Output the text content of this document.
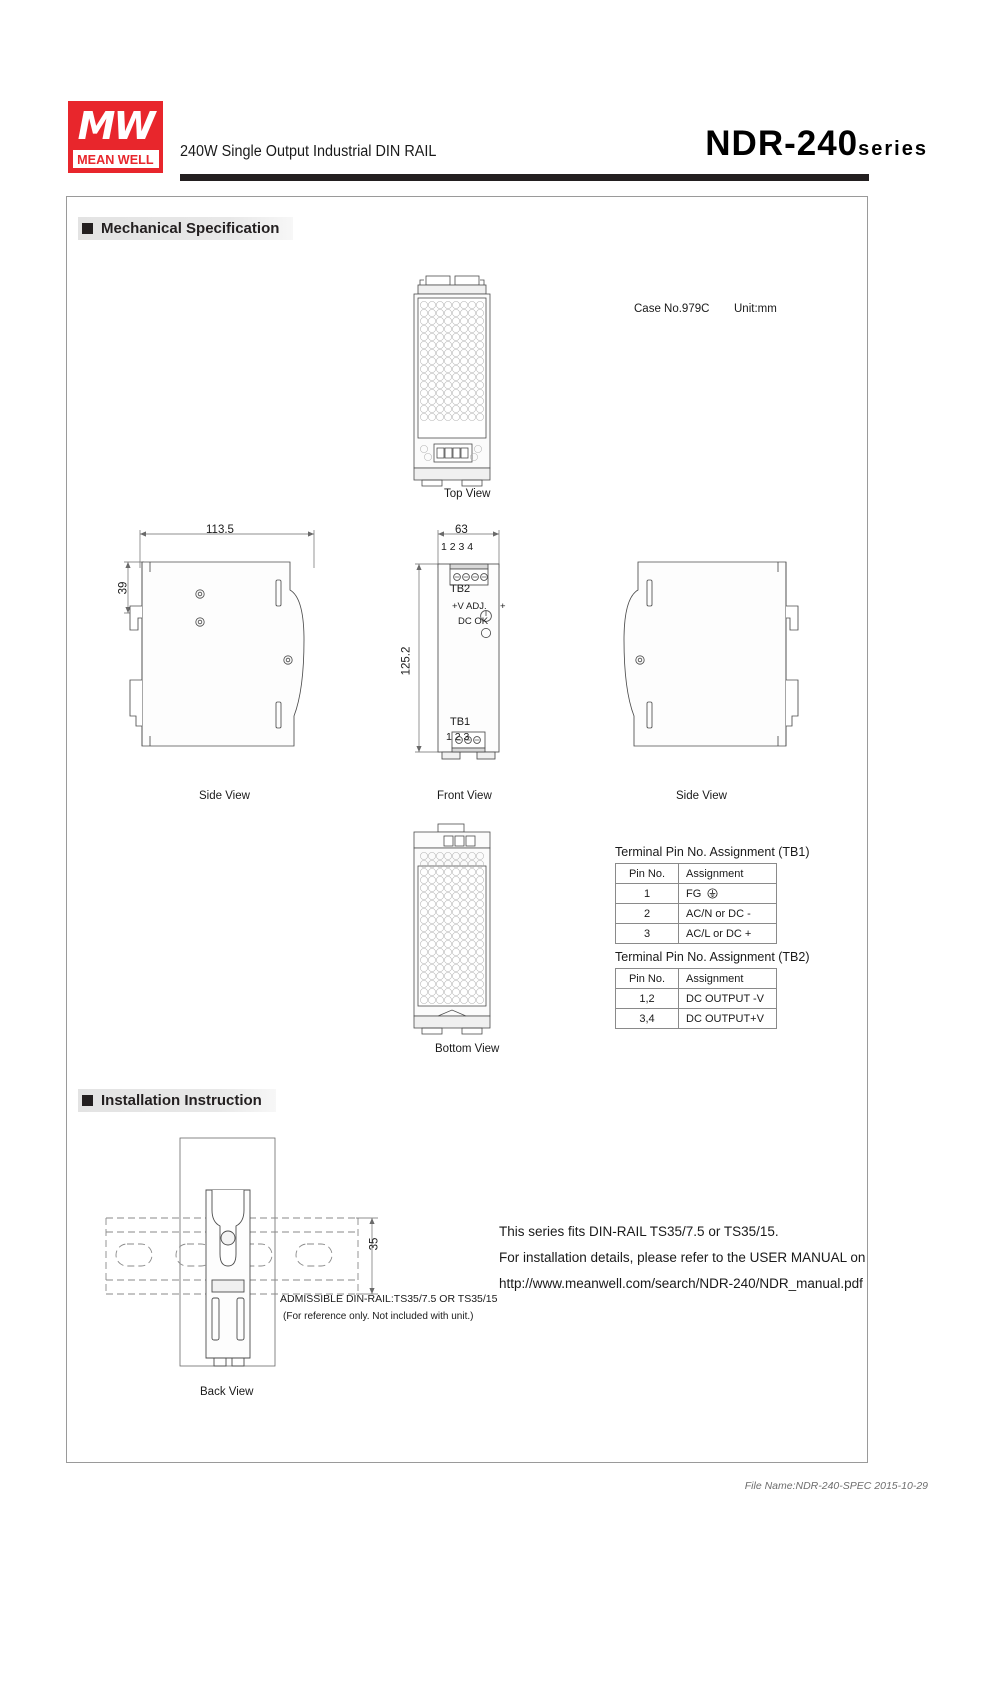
MW
MEAN WELL 240W Single Output Industrial DIN RAIL	NDR-240series
Mechanical Specification
Case No.979C Unit:mm
Top View
113.5
39
Side View
63
125.2
1 2 3 4
TB2
+V ADJ. +
DC OK
TB1
1 2 3
Front View	Side View
Bottom View
Terminal Pin No. Assignment (TB1)
Pin No.	Assignment
1	FG
2	AC/N or DC -
3	AC/L or DC +
Terminal Pin No. Assignment (TB2)
Pin No.	Assignment
1,2	DC OUTPUT -V
3,4	DC OUTPUT+V
Installation Instruction
35
ADMISSIBLE DIN-RAIL:TS35/7.5 OR TS35/15
(For reference only. Not included with unit.)
Back View
This series fits DIN-RAIL TS35/7.5 or TS35/15.
For installation details, please refer to the USER MANUAL on
http://www.meanwell.com/search/NDR-240/NDR_manual.pdf
File Name:NDR-240-SPEC 2015-10-29
